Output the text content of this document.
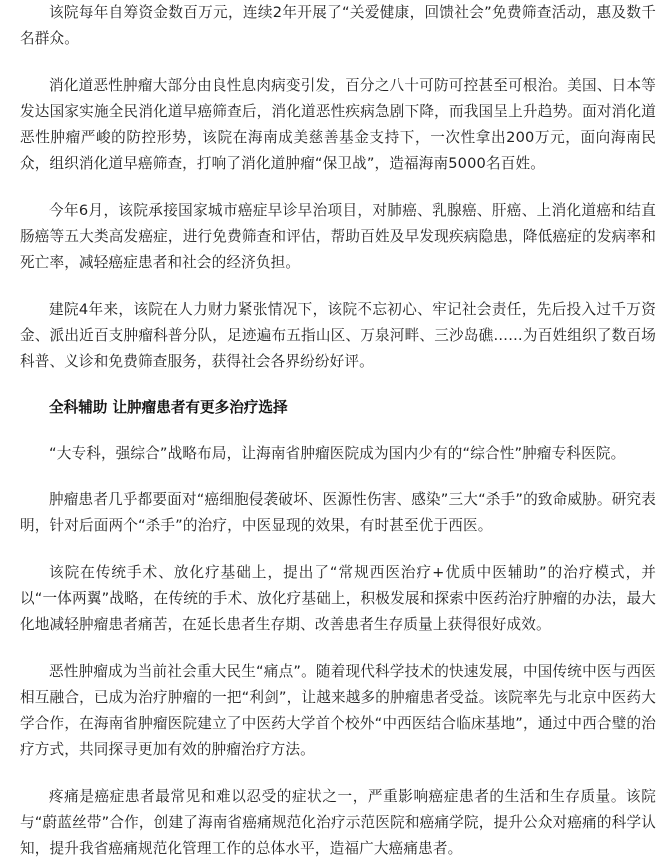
该院每年自筹资金数百万元，连续2年开展了“关爱健康，回馈社会”免费筛查活动，惠及数千名群众。

消化道恶性肿瘤大部分由良性息肉病变引发，百分之八十可防可控甚至可根治。美国、日本等发达国家实施全民消化道早癌筛查后，消化道恶性疾病急剧下降，而我国呈上升趋势。面对消化道恶性肿瘤严峻的防控形势，该院在海南成美慈善基金支持下，一次性拿出200万元，面向海南民众，组织消化道早癌筛查，打响了消化道肿瘤“保卫战”，造福海南5000名百姓。

今年6月，该院承接国家城市癌症早诊早治项目，对肺癌、乳腺癌、肝癌、上消化道癌和结直肠癌等五大类高发癌症，进行免费筛查和评估，帮助百姓及早发现疾病隐患，降低癌症的发病率和死亡率，减轻癌症患者和社会的经济负担。

建院4年来，该院在人力财力紧张情况下，该院不忘初心、牢记社会责任，先后投入过千万资金、派出近百支肿瘤科普分队，足迹遍布五指山区、万泉河畔、三沙岛礁……为百姓组织了数百场科普、义诊和免费筛查服务，获得社会各界纷纷好评。

全科辅助 让肿瘤患者有更多治疗选择

“大专科，强综合”战略布局，让海南省肿瘤医院成为国内少有的“综合性”肿瘤专科医院。

肿瘤患者几乎都要面对“癌细胞侵袭破坏、医源性伤害、感染”三大“杀手”的致命威胁。研究表明，针对后面两个“杀手”的治疗，中医显现的效果，有时甚至优于西医。

该院在传统手术、放化疗基础上，提出了“常规西医治疗+优质中医辅助”的治疗模式，并以“一体两翼”战略，在传统的手术、放化疗基础上，积极发展和探索中医药治疗肿瘤的办法，最大化地减轻肿瘤患者痛苦，在延长患者生存期、改善患者生存质量上获得很好成效。

恶性肿瘤成为当前社会重大民生“痛点”。随着现代科学技术的快速发展，中国传统中医与西医相互融合，已成为治疗肿瘤的一把“利剑”，让越来越多的肿瘤患者受益。该院率先与北京中医药大学合作，在海南省肿瘤医院建立了中医药大学首个校外“中西医结合临床基地”，通过中西合璧的治疗方式，共同探寻更加有效的肿瘤治疗方法。

疼痛是癌症患者最常见和难以忍受的症状之一，严重影响癌症患者的生活和生存质量。该院与“蔚蓝丝带”合作，创建了海南省癌痛规范化治疗示范医院和癌痛学院，提升公众对癌痛的科学认知，提升我省癌痛规范化管理工作的总体水平，造福广大癌痛患者。
